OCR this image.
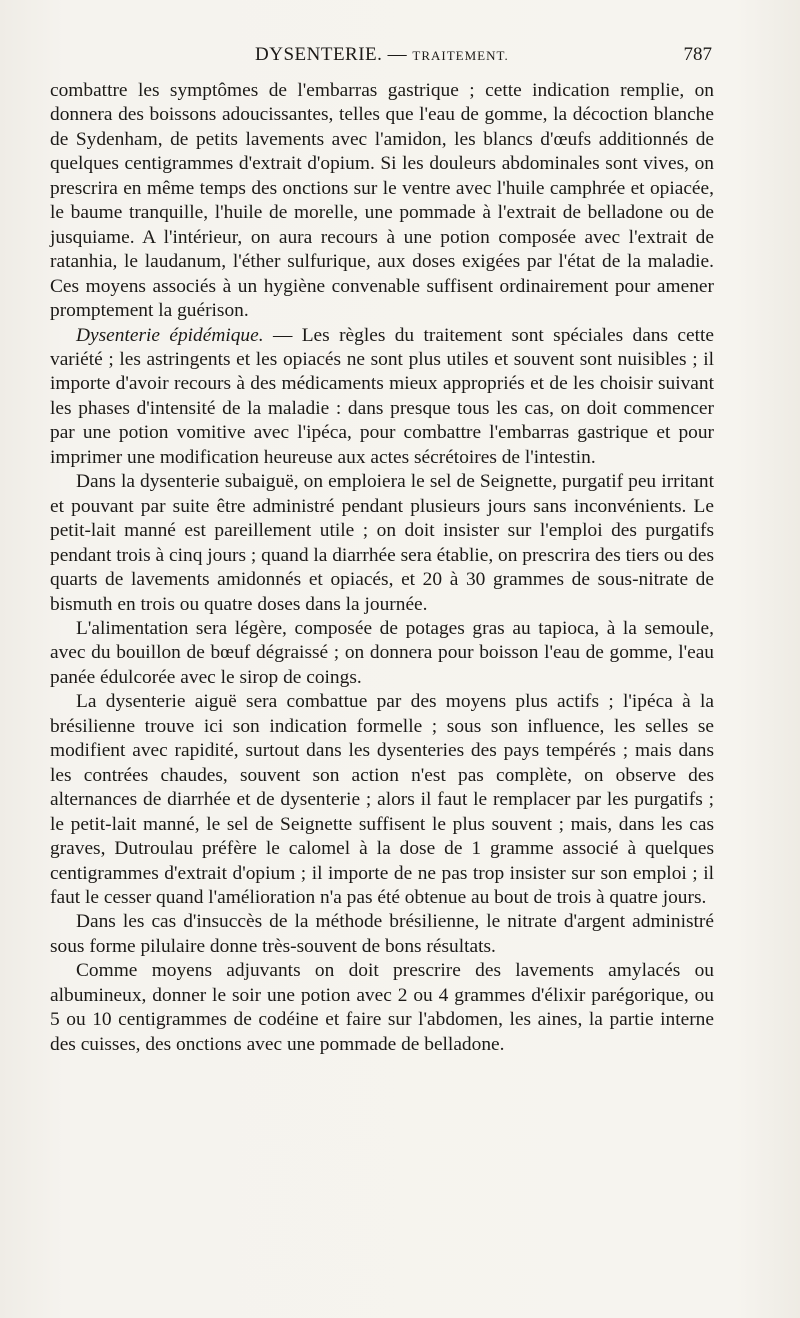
DYSENTERIE. — TRAITEMENT.	787

combattre les symptômes de l'embarras gastrique ; cette indication remplie, on donnera des boissons adoucissantes, telles que l'eau de gomme, la décoction blanche de Sydenham, de petits lavements avec l'amidon, les blancs d'œufs additionnés de quelques centigrammes d'extrait d'opium. Si les douleurs abdominales sont vives, on prescrira en même temps des onctions sur le ventre avec l'huile camphrée et opiacée, le baume tranquille, l'huile de morelle, une pommade à l'extrait de belladone ou de jusquiame. A l'intérieur, on aura recours à une potion composée avec l'extrait de ratanhia, le laudanum, l'éther sulfurique, aux doses exigées par l'état de la maladie. Ces moyens associés à un hygiène convenable suffisent ordinairement pour amener promptement la guérison.

Dysenterie épidémique. — Les règles du traitement sont spéciales dans cette variété ; les astringents et les opiacés ne sont plus utiles et souvent sont nuisibles ; il importe d'avoir recours à des médicaments mieux appropriés et de les choisir suivant les phases d'intensité de la maladie : dans presque tous les cas, on doit commencer par une potion vomitive avec l'ipéca, pour combattre l'embarras gastrique et pour imprimer une modification heureuse aux actes sécrétoires de l'intestin.

Dans la dysenterie subaiguë, on emploiera le sel de Seignette, purgatif peu irritant et pouvant par suite être administré pendant plusieurs jours sans inconvénients. Le petit-lait manné est pareillement utile ; on doit insister sur l'emploi des purgatifs pendant trois à cinq jours ; quand la diarrhée sera établie, on prescrira des tiers ou des quarts de lavements amidonnés et opiacés, et 20 à 30 grammes de sous-nitrate de bismuth en trois ou quatre doses dans la journée.

L'alimentation sera légère, composée de potages gras au tapioca, à la semoule, avec du bouillon de bœuf dégraissé ; on donnera pour boisson l'eau de gomme, l'eau panée édulcorée avec le sirop de coings.

La dysenterie aiguë sera combattue par des moyens plus actifs ; l'ipéca à la brésilienne trouve ici son indication formelle ; sous son influence, les selles se modifient avec rapidité, surtout dans les dysenteries des pays tempérés ; mais dans les contrées chaudes, souvent son action n'est pas complète, on observe des alternances de diarrhée et de dysenterie ; alors il faut le remplacer par les purgatifs ; le petit-lait manné, le sel de Seignette suffisent le plus souvent ; mais, dans les cas graves, Dutroulau préfère le calomel à la dose de 1 gramme associé à quelques centigrammes d'extrait d'opium ; il importe de ne pas trop insister sur son emploi ; il faut le cesser quand l'amélioration n'a pas été obtenue au bout de trois à quatre jours.

Dans les cas d'insuccès de la méthode brésilienne, le nitrate d'argent administré sous forme pilulaire donne très-souvent de bons résultats.

Comme moyens adjuvants on doit prescrire des lavements amylacés ou albumineux, donner le soir une potion avec 2 ou 4 grammes d'élixir parégorique, ou 5 ou 10 centigrammes de codéine et faire sur l'abdomen, les aines, la partie interne des cuisses, des onctions avec une pommade de belladone.
